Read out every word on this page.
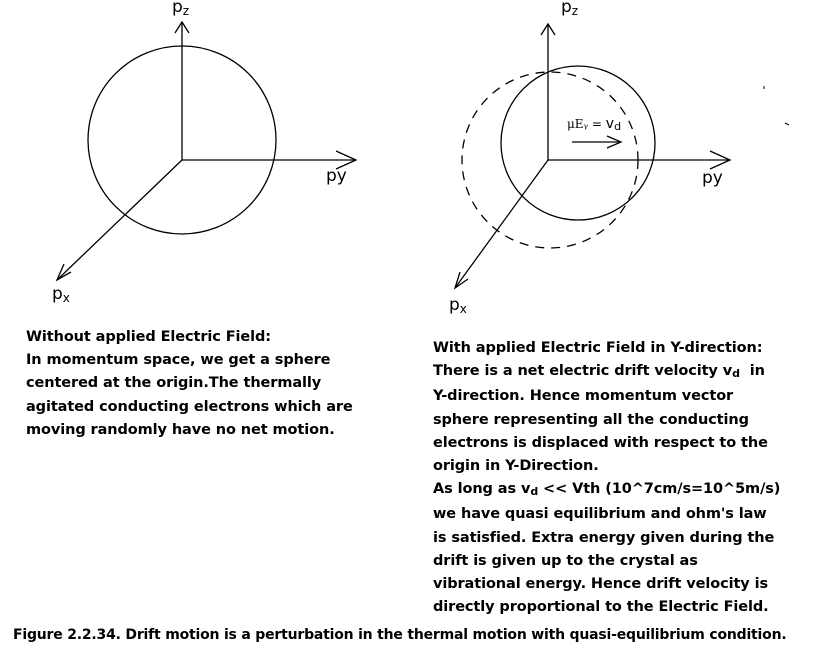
$p_z$
py
$p_x$
$p_z$
py
$p_x$
μEᵧ = $v_d$
Without applied Electric Field:
In momentum space, we get a sphere
centered at the origin.The thermally
agitated conducting electrons which are
moving randomly have no net motion.
With applied Electric Field in Y-direction:
There is a net electric drift velocity $v_d$  in
Y-direction. Hence momentum vector
sphere representing all the conducting
electrons is displaced with respect to the
origin in Y-Direction.
As long as $v_d$ << Vth (10^7cm/s=10^5m/s)
we have quasi equilibrium and ohm's law
is satisfied. Extra energy given during the
drift is given up to the crystal as
vibrational energy. Hence drift velocity is
directly proportional to the Electric Field.
Figure 2.2.34. Drift motion is a perturbation in the thermal motion with quasi-equilibrium condition.
